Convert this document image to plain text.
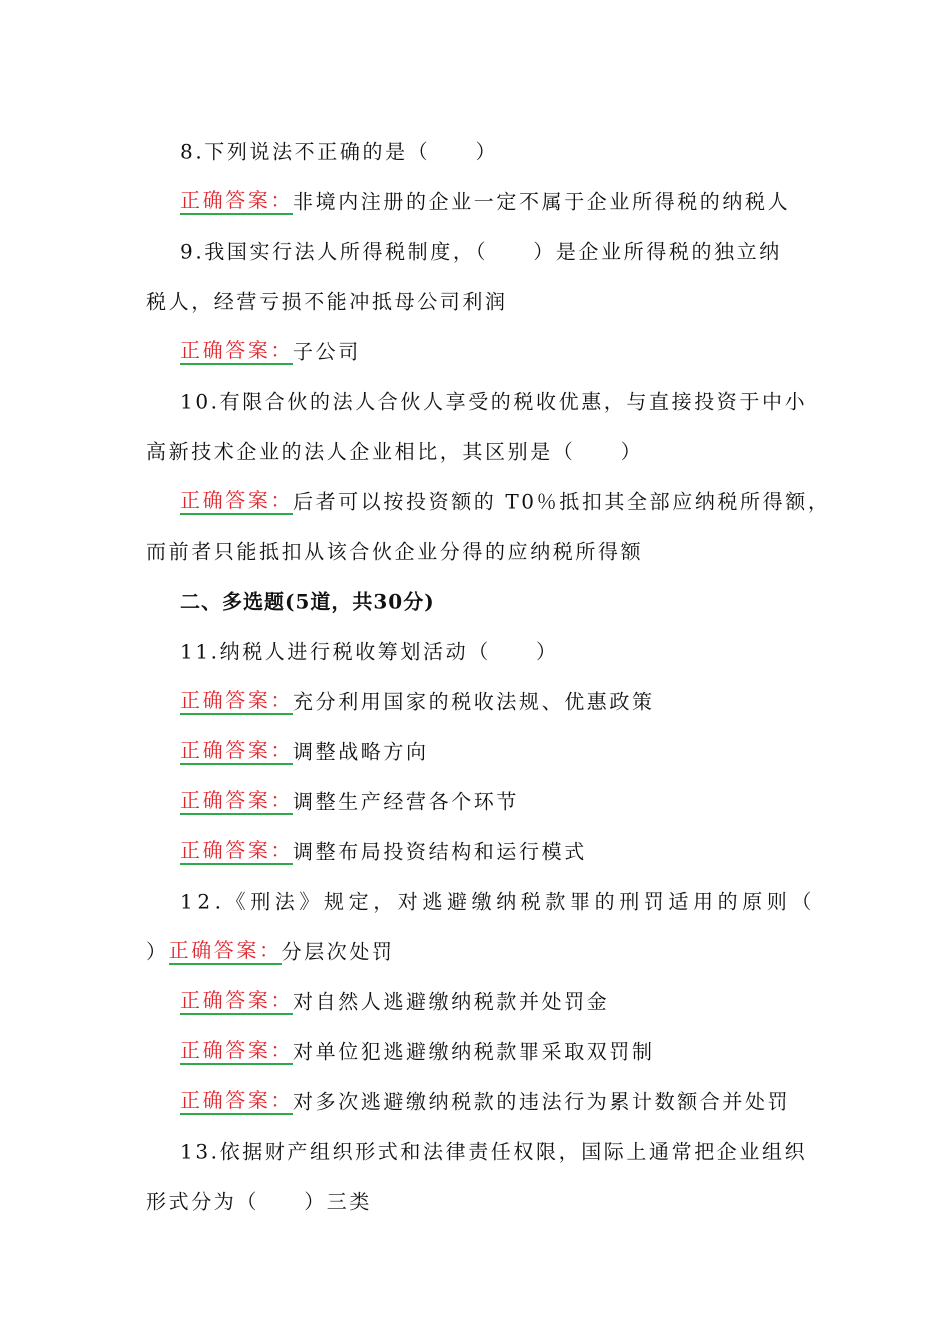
8.下列说法不正确的是（　　）
正确答案：非境内注册的企业一定不属于企业所得税的纳税人
9.我国实行法人所得税制度，（　　）是企业所得税的独立纳
税人，经营亏损不能冲抵母公司利润
正确答案：子公司
10.有限合伙的法人合伙人享受的税收优惠，与直接投资于中小
高新技术企业的法人企业相比，其区别是（　　）
正确答案：后者可以按投资额的 T0％抵扣其全部应纳税所得额，
而前者只能抵扣从该合伙企业分得的应纳税所得额
二、多选题(5道，共30分)
11.纳税人进行税收筹划活动（　　）
正确答案：充分利用国家的税收法规、优惠政策
正确答案：调整战略方向
正确答案：调整生产经营各个环节
正确答案：调整布局投资结构和运行模式
12.《刑法》规定，对逃避缴纳税款罪的刑罚适用的原则（
）正确答案：分层次处罚
正确答案：对自然人逃避缴纳税款并处罚金
正确答案：对单位犯逃避缴纳税款罪采取双罚制
正确答案：对多次逃避缴纳税款的违法行为累计数额合并处罚
13.依据财产组织形式和法律责任权限，国际上通常把企业组织
形式分为（　　）三类
